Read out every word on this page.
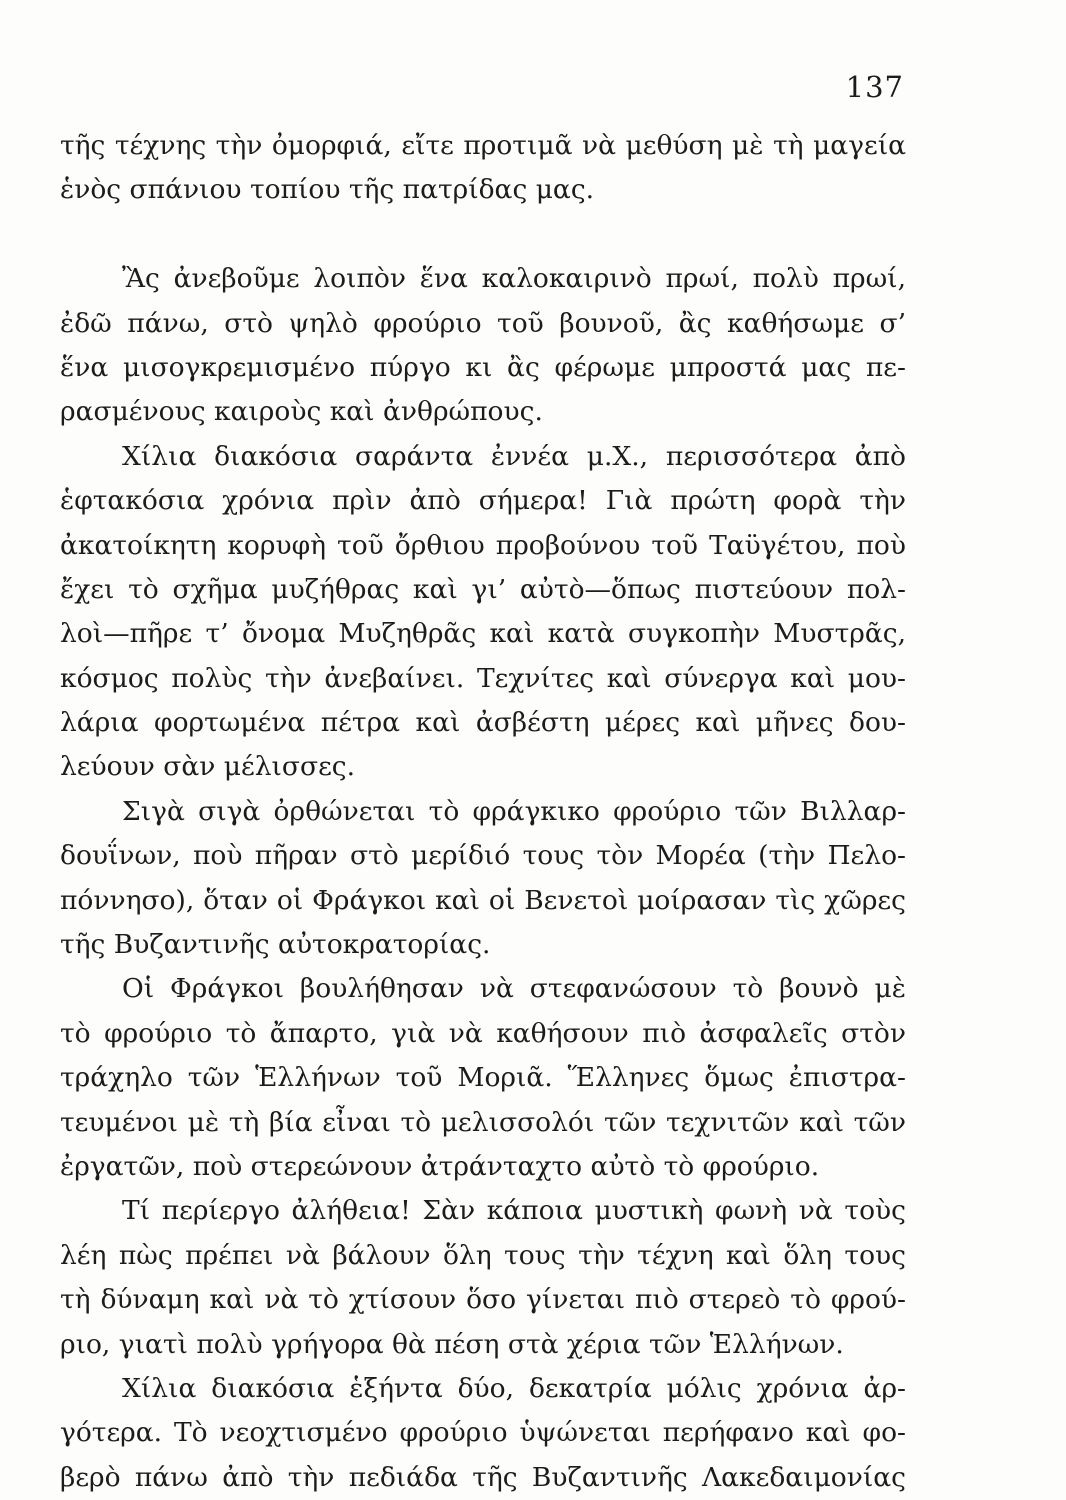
137
τῆς τέχνης τὴν ὀμορφιά, εἴτε προτιμᾶ νὰ μεθύση μὲ τὴ μαγεία
ἑνὸς σπάνιου τοπίου τῆς πατρίδας μας.
Ἂς ἀνεβοῦμε λοιπὸν ἕνα καλοκαιρινὸ πρωί, πολὺ πρωί,
ἐδῶ πάνω, στὸ ψηλὸ φρούριο τοῦ βουνοῦ, ἂς καθήσωμε σ’
ἕνα μισογκρεμισμένο πύργο κι ἂς φέρωμε μπροστά μας πε-
ρασμένους καιροὺς καὶ ἀνθρώπους.
Χίλια διακόσια σαράντα ἐννέα μ.Χ., περισσότερα ἀπὸ
ἑφτακόσια χρόνια πρὶν ἀπὸ σήμερα! Γιὰ πρώτη φορὰ τὴν
ἀκατοίκητη κορυφὴ τοῦ ὄρθιου προβούνου τοῦ Ταϋγέτου, ποὺ
ἔχει τὸ σχῆμα μυζήθρας καὶ γι’ αὐτὸ—ὅπως πιστεύουν πολ-
λοὶ—πῆρε τ’ ὄνομα Μυζηθρᾶς καὶ κατὰ συγκοπὴν Μυστρᾶς,
κόσμος πολὺς τὴν ἀνεβαίνει. Τεχνίτες καὶ σύνεργα καὶ μου-
λάρια φορτωμένα πέτρα καὶ ἀσβέστη μέρες καὶ μῆνες δου-
λεύουν σὰν μέλισσες.
Σιγὰ σιγὰ ὀρθώνεται τὸ φράγκικο φρούριο τῶν Βιλλαρ-
δουΐνων, ποὺ πῆραν στὸ μερίδιό τους τὸν Μορέα (τὴν Πελο-
πόννησο), ὅταν οἱ Φράγκοι καὶ οἱ Βενετοὶ μοίρασαν τὶς χῶρες
τῆς Βυζαντινῆς αὐτοκρατορίας.
Οἱ Φράγκοι βουλήθησαν νὰ στεφανώσουν τὸ βουνὸ μὲ
τὸ φρούριο τὸ ἄπαρτο, γιὰ νὰ καθήσουν πιὸ ἀσφαλεῖς στὸν
τράχηλο τῶν Ἑλλήνων τοῦ Μοριᾶ. Ἕλληνες ὅμως ἐπιστρα-
τευμένοι μὲ τὴ βία εἶναι τὸ μελισσολόι τῶν τεχνιτῶν καὶ τῶν
ἐργατῶν, ποὺ στερεώνουν ἀτράνταχτο αὐτὸ τὸ φρούριο.
Τί περίεργο ἀλήθεια! Σὰν κάποια μυστικὴ φωνὴ νὰ τοὺς
λέη πὼς πρέπει νὰ βάλουν ὅλη τους τὴν τέχνη καὶ ὅλη τους
τὴ δύναμη καὶ νὰ τὸ χτίσουν ὅσο γίνεται πιὸ στερεὸ τὸ φρού-
ριο, γιατὶ πολὺ γρήγορα θὰ πέση στὰ χέρια τῶν Ἑλλήνων.
Χίλια διακόσια ἑξήντα δύο, δεκατρία μόλις χρόνια ἀρ-
γότερα. Τὸ νεοχτισμένο φρούριο ὑψώνεται περήφανο καὶ φο-
βερὸ πάνω ἀπὸ τὴν πεδιάδα τῆς Βυζαντινῆς Λακεδαιμονίας
